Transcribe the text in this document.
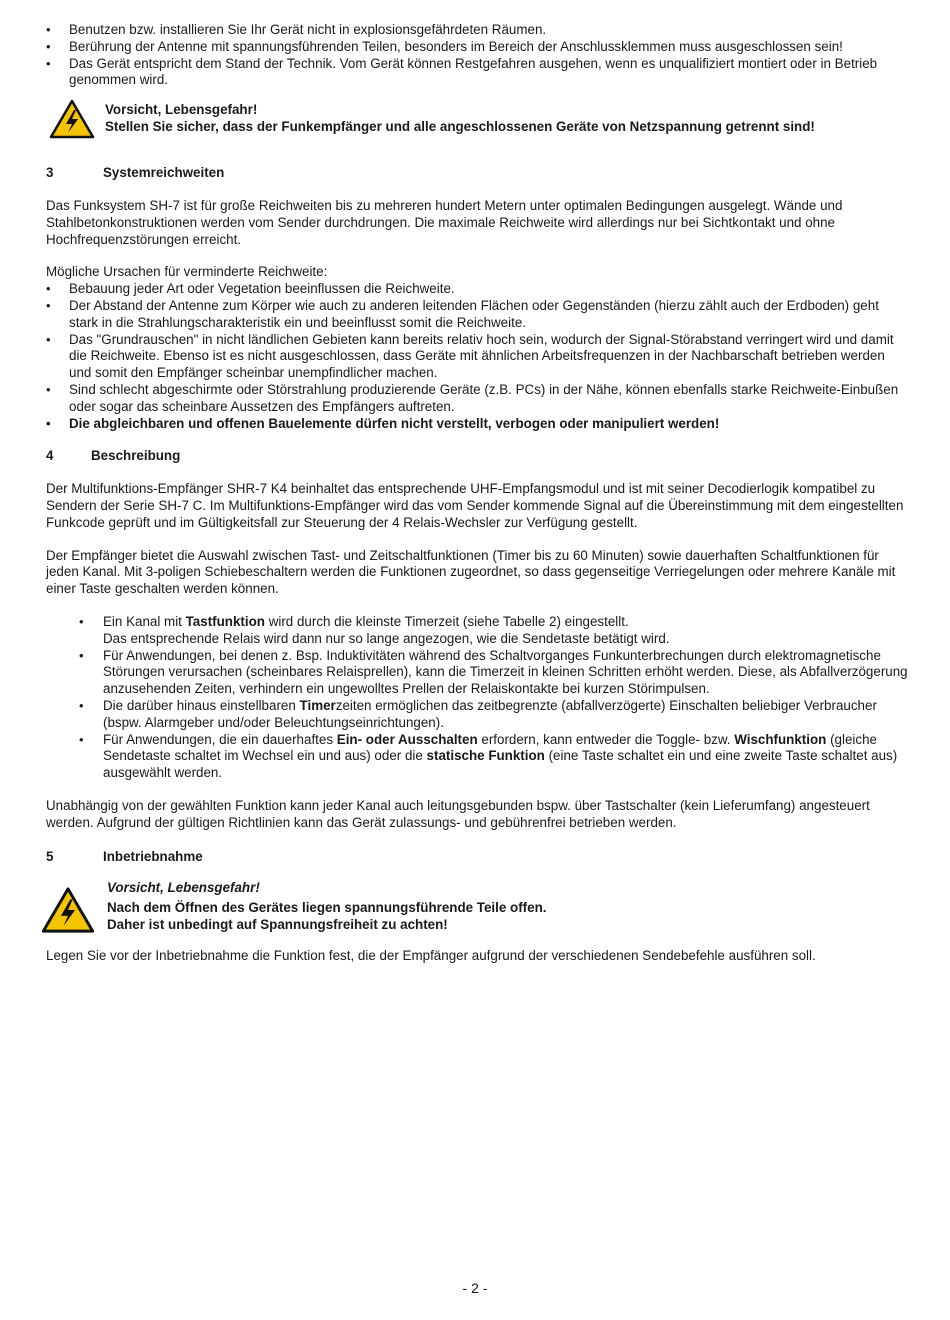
• Benutzen bzw. installieren Sie Ihr Gerät nicht in explosionsgefährdeten Räumen.
• Berührung der Antenne mit spannungsführenden Teilen, besonders im Bereich der Anschlussklemmen muss ausgeschlossen sein!
• Das Gerät entspricht dem Stand der Technik. Vom Gerät können Restgefahren ausgehen, wenn es unqualifiziert montiert oder in Betrieb genommen wird.
Vorsicht, Lebensgefahr!
Stellen Sie sicher, dass der Funkempfänger und alle angeschlossenen Geräte von Netzspannung getrennt sind!
3	Systemreichweiten

Das Funksystem SH-7 ist für große Reichweiten bis zu mehreren hundert Metern unter optimalen Bedingungen ausgelegt. Wände und Stahlbetonkonstruktionen werden vom Sender durchdrungen. Die maximale Reichweite wird allerdings nur bei Sichtkontakt und ohne Hochfrequenzstörungen erreicht.

Mögliche Ursachen für verminderte Reichweite:

• Bebauung jeder Art oder Vegetation beeinflussen die Reichweite.
• Der Abstand der Antenne zum Körper wie auch zu anderen leitenden Flächen oder Gegenständen (hierzu zählt auch der Erdboden) geht stark in die Strahlungscharakteristik ein und beeinflusst somit die Reichweite.
• Das "Grundrauschen" in nicht ländlichen Gebieten kann bereits relativ hoch sein, wodurch der Signal-Störabstand verringert wird und damit die Reichweite. Ebenso ist es nicht ausgeschlossen, dass Geräte mit ähnlichen Arbeitsfrequenzen in der Nachbarschaft betrieben werden und somit den Empfänger scheinbar unempfindlicher machen.
• Sind schlecht abgeschirmte oder Störstrahlung produzierende Geräte (z.B. PCs) in der Nähe, können ebenfalls starke Reichweite-Einbußen oder sogar das scheinbare Aussetzen des Empfängers auftreten.
• Die abgleichbaren und offenen Bauelemente dürfen nicht verstellt, verbogen oder manipuliert werden!
4	Beschreibung

Der Multifunktions-Empfänger SHR-7 K4 beinhaltet das entsprechende UHF-Empfangsmodul und ist mit seiner Decodierlogik kompatibel zu Sendern der Serie SH-7 C. Im Multifunktions-Empfänger wird das vom Sender kommende Signal auf die Übereinstimmung mit dem eingestellten Funkcode geprüft und im Gültigkeitsfall zur Steuerung der 4 Relais-Wechsler zur Verfügung gestellt.

Der Empfänger bietet die Auswahl zwischen Tast- und Zeitschaltfunktionen (Timer bis zu 60 Minuten) sowie dauerhaften Schaltfunktionen für jeden Kanal. Mit 3-poligen Schiebeschaltern werden die Funktionen zugeordnet, so dass gegenseitige Verriegelungen oder mehrere Kanäle mit einer Taste geschalten werden können.

• Ein Kanal mit Tastfunktion wird durch die kleinste Timerzeit (siehe Tabelle 2) eingestellt.
Das entsprechende Relais wird dann nur so lange angezogen, wie die Sendetaste betätigt wird.
• Für Anwendungen, bei denen z. Bsp. Induktivitäten während des Schaltvorganges Funkunterbrechungen durch elektromagnetische Störungen verursachen (scheinbares Relaisprellen), kann die Timerzeit in kleinen Schritten erhöht werden. Diese, als Abfallverzögerung anzusehenden Zeiten, verhindern ein ungewolltes Prellen der Relaiskontakte bei kurzen Störimpulsen.
• Die darüber hinaus einstellbaren Timerzeiten ermöglichen das zeitbegrenzte (abfallverzögerte) Einschalten beliebiger Verbraucher (bspw. Alarmgeber und/oder Beleuchtungseinrichtungen).
• Für Anwendungen, die ein dauerhaftes Ein- oder Ausschalten erfordern, kann entweder die Toggle- bzw. Wischfunktion (gleiche Sendetaste schaltet im Wechsel ein und aus) oder die statische Funktion (eine Taste schaltet ein und eine zweite Taste schaltet aus) ausgewählt werden.

Unabhängig von der gewählten Funktion kann jeder Kanal auch leitungsgebunden bspw. über Tastschalter (kein Lieferumfang) angesteuert werden. Aufgrund der gültigen Richtlinien kann das Gerät zulassungs- und gebührenfrei betrieben werden.

5	Inbetriebnahme
Vorsicht, Lebensgefahr!
Nach dem Öffnen des Gerätes liegen spannungsführende Teile offen.
Daher ist unbedingt auf Spannungsfreiheit zu achten!

Legen Sie vor der Inbetriebnahme die Funktion fest, die der Empfänger aufgrund der verschiedenen Sendebefehle ausführen soll.

- 2 -
